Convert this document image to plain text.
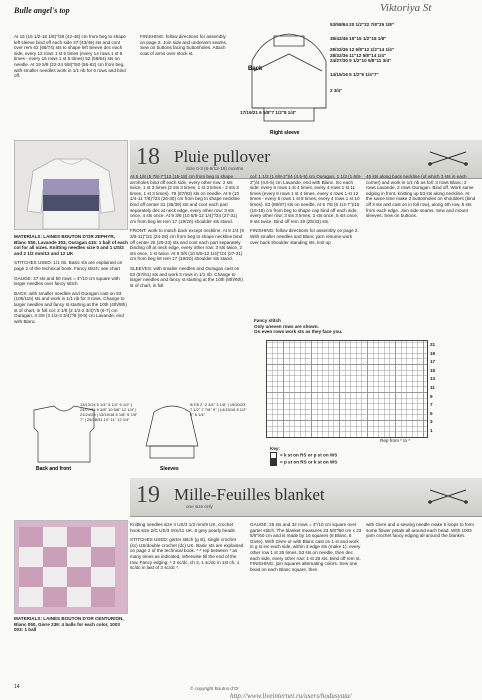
Bulle angel's top	Viktoriya St
At 15 (16 1/2-18 1/8)"/38 (42-46) cm from beg to shape left sleeve bind off each side 37 (43/49) sts and cont over rem 62 (66/74) sts to shape left sleeve dec each side, every 12 rows 1 st 5 times (every 14 rows 1 st 5 times - every 16 rows 1 st 5 times) 52 (58/64) sts on needle. At 19 5/8 (22-24 5/8)"/50 (56-62) cm from beg, with smaller needles work in 1/1 rib for 6 rows and bind off.
FINISHING: follow directions for assembly on page 2. Join side and underarm seams. Sew on buttons facing buttonholes. Attach coat of arms over stock st.
Back
Right sleeve
53/58/64 20 1/2"22 7/8"25 1/8"
38/42/46 15"15 1/2"18 1/8"
28/32/36 12 5/8"12 1/2"14 1/4"
28/32/36 11"12 5/8"14 1/4"
24/27/30 9 1/2"10 5/8"11 3/4"
14/15/16 5 1/2"6 1/4"7"
2 3/4"
17/19/21 6 5/8"7 1/2"8 1/4"
18 Pluie pullover
Size 0-3 (6-9/12-18) months
MATERIALS: LAINES BOUTON D'OR ZEPHYR, Blanc 050, Lavande 303, Ouragan 415: 1 ball of each col for all sizes. Knitting needles size 0 and 1 US/2 and 2 1/2 mm/13 and 12 UK
STITCHES USED: 1/1 rib. Basic sts are explained on page 2 of the technical book. Fancy stitch: see chart
GAUGE: 37 sts and 50 rows = 4"/10 cm square with larger needles over fancy stitch
BACK: with smaller needles and Ouragan cast on 93 (105/115) sts and work in 1/1 rib for 3 rows. Change to larger needles and fancy st starting at the 10th (4th/9th) st of chart, in foll col: 2 1/8 (2 1/2-2 3/4)"/5 (6-7) cm Ouragan, 3 3/8 (3 1/2-3 3/4)"/8 (8-9) cm Lavande, end with Blanc.
At 5 1/8 (5 7/8-7")13 (15-18) cm from beg to shape armholes bind off each side, every other row: 2 sts twice, 1 st 3 times (2 sts 3 times, 1 st 3 times - 2 sts 3 times, 1 st 3 times). 79 (87/93) sts on needle. At 9 (10 1/4-11 7/8)"/23 (26-30) cm from beg to shape neckline bind off center 31 (35/39) sts and cont each part separately dec at neck edge, every other row: 3 sts once, 4 sts once. At 9 3/8 (10 5/8-12 1/4)"/24 (27-31) cm from beg let rem 17 (19/20) shoulder sts stand.
FRONT: work to match back except neckline. At 8 1/4 (9 3/8-11)"/21 (24-28) cm from beg to shape neckline bind off center 25 (29-33) sts and cont each part separately binding off at neck edge, every other row: 3 sts twice, 2 sts once, 1 st twice. At 9 3/8 (10 5/8-12 1/4)"/24 (27-31) cm from beg let rem 17 (19/20) shoulder sts stand.
SLEEVES: with smaller needles and Ouragan cast on 53 (57/61) sts and work 3 rows in 1/1 rib. Change to larger needles and fancy st starting at the 10th (8th/6th) st of chart, in foll
col: 1 1/2 (1 6/8-2")/4 (4.5-5) cm Ouragan, 1 1/2 (1 6/8-2")/4 (4.5-5) cm Lavande, end with Blanc. Inc each side: every 6 rows 1 st 4 times, every 4 rows 1 st 11 times (every 6 rows 1 st 4 times, every 4 rows 1 st 12 times - every 6 rows 1 st 8 times, every 4 rows 1 st 10 times). 83 (89/97) sts on needle. At 5 7/8 (6 1/4-7")/15 (16-18) cm from beg to shape cap bind off each side, every other row: 3 sts 3 times, 3 sts once, 5 sts once, 9 sts twice. Bind off rem 19 (25/33) sts.
FINISHING: follow directions for assembly on page 2. With smaller needles and Blanc yarn resume work over back shoulder standing sts, knit up
45 sts along back neckline (of which 3 sts in each corner) and work in 1/1 rib as foll: 3 rows Blanc, 2 rows Lavande, 2 rows Ouragan. Bind off. Work same edging in front, knitting up 53 sts along neckline. At the same time make 2 buttonholes on shoulders (bind off 3 sts and cast on in foll row), along 4th row, 5 sts from each edge. Join side seams. Sew and mount sleeves. Sew on buttons.
Fancy stitch
Only uneven rows are shown.
On even rows work sts as they face you.
21
19
17
15
13
11
9
7
5
3
1
Rep from * to *
Key:
= k st on RS or p st on WS
= p st on RS or k st on WS
Back and front	Sleeves
13/13/14 5 1/4" 5 1/4" 5 1/2" | 24/27/31 9 3/8" 10 5/8" 12 1/4" | 21/24/28 | 13/15/18 5 1/8" 5 7/8" 7" | 25/28/31 10" 11" 12 1/4"
5/7/8 2" 2 3/4" 3 1/8" | 19/20/23 7 1/2" 7 7/8" 9" | 14/15/16 5 1/2" 6" 6 1/4"
19 Mille-Feuilles blanket
one size only
MATERIALS: LAINES BOUTON D'OR CENTURION, Blanc 050, Givre 239: 4 balls for each color, 1003 003: 1 ball
Knitting needles size 4 US/3 1/2 mm/9 UK, crochet hook size 2/C US/3 mm/11 UK, 8 grey pearly beads
STITCHES USED: garter stitch (g st), single crochet (sc) US/double crochet (dc) UK. Basic sts are explained on page 2 of the technical book. *-* rep between * as many times as indicated, otherwise till the end of the row. Fancy edging: * 3 sc/dc, ch 3, 1 sc/dc in 1st ch, 1 sc/dc in last of 3 sc/dc *.
GAUGE: 25 sts and 32 rows = 4"/10 cm square over garter stitch. The blanket measures 23 5/8"/60 cm x 23 5/8"/60 cm and is made by 16 squares (8 Blanc, 8 Givre). With Givre or with Blanc cast on 1 st and work in g st inc each side, within 3 edge sts (make 1): every other row 1 st 26 times, 53 sts on needle, then dec each side, every other row: 1 st 26 sts. Bind off rem st. FINISHING: join squares alternating colors. Sew one bead on each Blanc square, then
with Givre and a sewing needle make 5 loops to form some flower petals all around each bead. With 1003 yarn crochet fancy edging all around the blanket.
14	© copyright Bouton d'Or
http://www.liveinternet.ru/users/hodusyata/
